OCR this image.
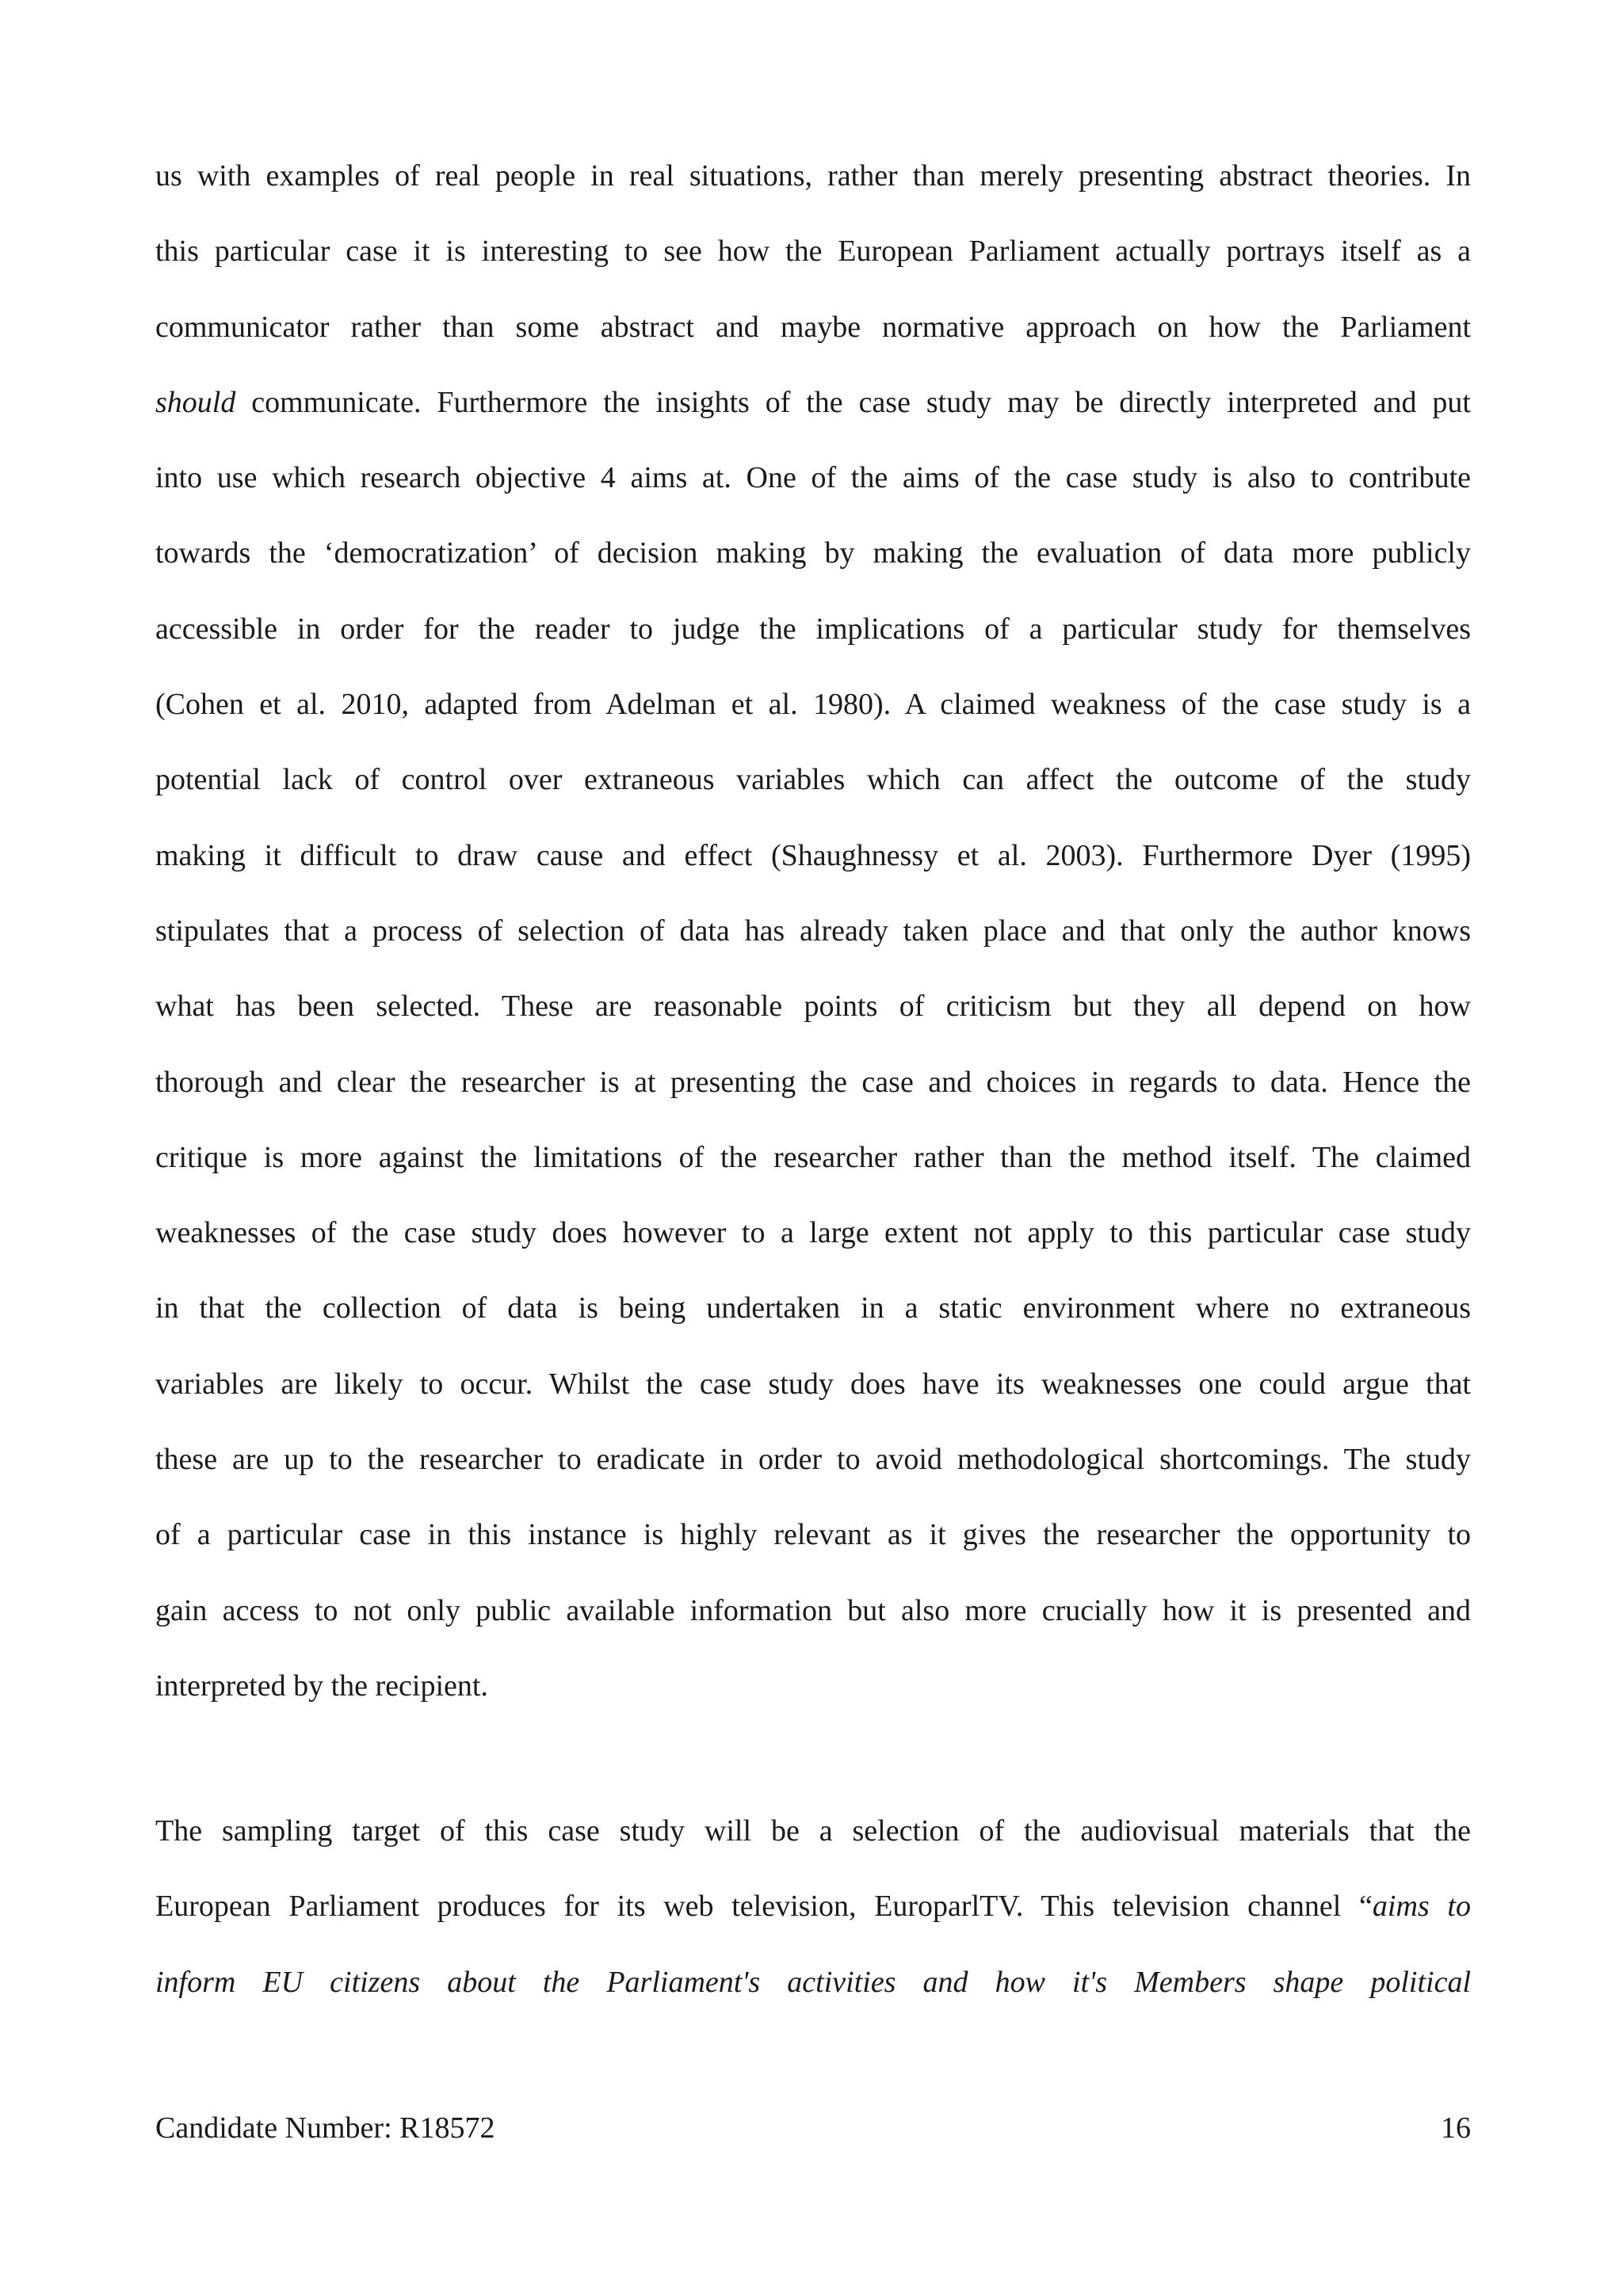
us with examples of real people in real situations, rather than merely presenting abstract theories. In
this particular case it is interesting to see how the European Parliament actually portrays itself as a
communicator rather than some abstract and maybe normative approach on how the Parliament
should communicate. Furthermore the insights of the case study may be directly interpreted and put
into use which research objective 4 aims at. One of the aims of the case study is also to contribute
towards the ‘democratization’ of decision making by making the evaluation of data more publicly
accessible in order for the reader to judge the implications of a particular study for themselves
(Cohen et al. 2010, adapted from Adelman et al. 1980). A claimed weakness of the case study is a
potential lack of control over extraneous variables which can affect the outcome of the study
making it difficult to draw cause and effect (Shaughnessy et al. 2003). Furthermore Dyer (1995)
stipulates that a process of selection of data has already taken place and that only the author knows
what has been selected. These are reasonable points of criticism but they all depend on how
thorough and clear the researcher is at presenting the case and choices in regards to data. Hence the
critique is more against the limitations of the researcher rather than the method itself. The claimed
weaknesses of the case study does however to a large extent not apply to this particular case study
in that the collection of data is being undertaken in a static environment where no extraneous
variables are likely to occur. Whilst the case study does have its weaknesses one could argue that
these are up to the researcher to eradicate in order to avoid methodological shortcomings. The study
of a particular case in this instance is highly relevant as it gives the researcher the opportunity to
gain access to not only public available information but also more crucially how it is presented and
interpreted by the recipient.
The sampling target of this case study will be a selection of the audiovisual materials that the
European Parliament produces for its web television, EuroparlTV. This television channel “aims to
inform EU citizens about the Parliament's activities and how it's Members shape political
Candidate Number: R18572	16
